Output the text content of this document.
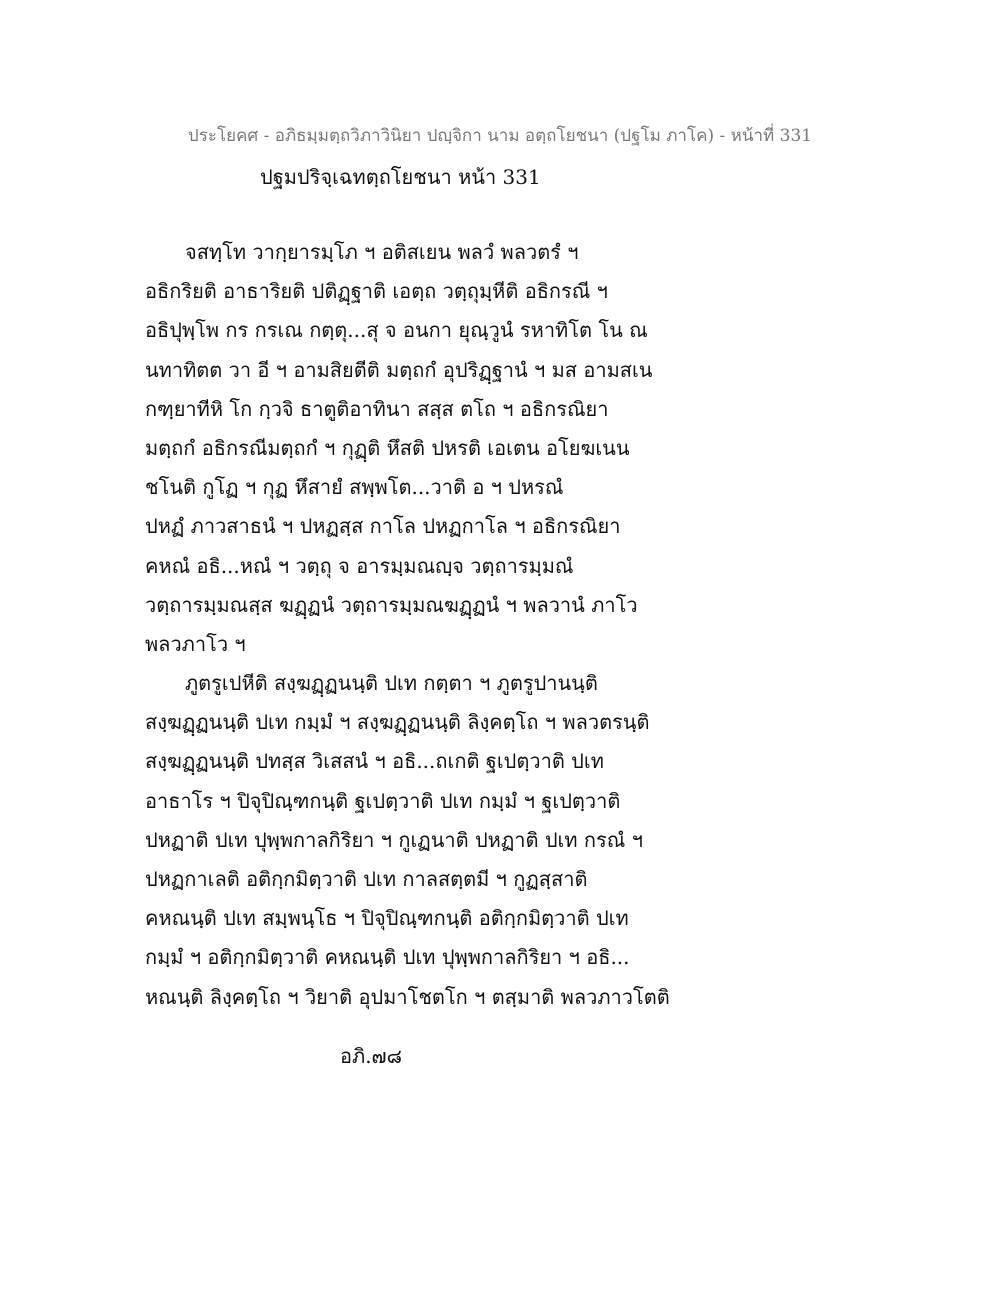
ประโยคศ - อภิธมฺมตฺถวิภาวินิยา ปญฺจิกา นาม อตฺถโยชนา (ปฐโม ภาโค) - หน้าที่ 331
ปฐมปริจฺเฉทตฺถโยชนา หน้า 331
จสทฺโท วากฺยารมฺโภ ฯ อติสเยน พลวํ พลวตรํ ฯ
อธิกริยติ อาธาริยติ ปติฏฺฐาติ เอตฺถ วตฺถุมฺหีติ อธิกรณี ฯ
อธิปุพฺโพ กร กรเณ กตฺตุ...สุ จ อนกา ยุณฺวูนํ รหาทิโต โน ณ
นทาทิตต วา อี ฯ อามสิยตีติ มตฺถกํ อุปริฏฺฐานํ ฯ มส อามสเน
กฑฺยาทีหิ โก กฺวจิ ธาตูติอาทินา สสฺส ตโถ ฯ อธิกรณิยา
มตฺถกํ อธิกรณีมตฺถกํ ฯ กุฏฺติ หึสติ ปหรติ เอเตน อโยฆเนน
ชโนติ กูโฏ ฯ กุฏ หึสายํ สพฺพโต...วาติ อ ฯ ปหรณํ
ปหฏํ ภาวสาธนํ ฯ ปหฏสฺส กาโล ปหฏกาโล ฯ อธิกรณิยา
คหณํ อธิ...หณํ ฯ วตฺถุ จ อารมฺมณญฺจ วตฺถารมฺมณํ
วตฺถารมฺมณสฺส ฆฏฺฏนํ วตฺถารมฺมณฆฏฺฏนํ ฯ พลวานํ ภาโว
พลวภาโว ฯ
ภูตรูเปหีติ สงฺฆฏฺฏนนฺติ ปเท กตฺตา ฯ ภูตรูปานนฺติ
สงฺฆฏฺฏนนฺติ ปเท กมฺมํ ฯ สงฺฆฏฺฏนนฺติ ลิงฺคตฺโถ ฯ พลวตรนฺติ
สงฺฆฏฺฏนนฺติ ปทสฺส วิเสสนํ ฯ อธิ...ถเกติ ฐเปตฺวาติ ปเท
อาธาโร ฯ ปิจุปิณฺฑกนฺติ ฐเปตฺวาติ ปเท กมฺมํ ฯ ฐเปตฺวาติ
ปหฏาติ ปเท ปุพฺพกาลกิริยา ฯ กูเฏนาติ ปหฏาติ ปเท กรณํ ฯ
ปหฏกาเลติ อติกฺกมิตฺวาติ ปเท กาลสตฺตมี ฯ กูฏสฺสาติ
คหณนฺติ ปเท สมฺพนฺโธ ฯ ปิจุปิณฺฑกนฺติ อติกฺกมิตฺวาติ ปเท
กมฺมํ ฯ อติกฺกมิตฺวาติ คหณนฺติ ปเท ปุพฺพกาลกิริยา ฯ อธิ...
หณนฺติ ลิงฺคตฺโถ ฯ วิยาติ อุปมาโชตโก ฯ ตสฺมาติ พลวภาวโตติ
อภิ.๗๘
